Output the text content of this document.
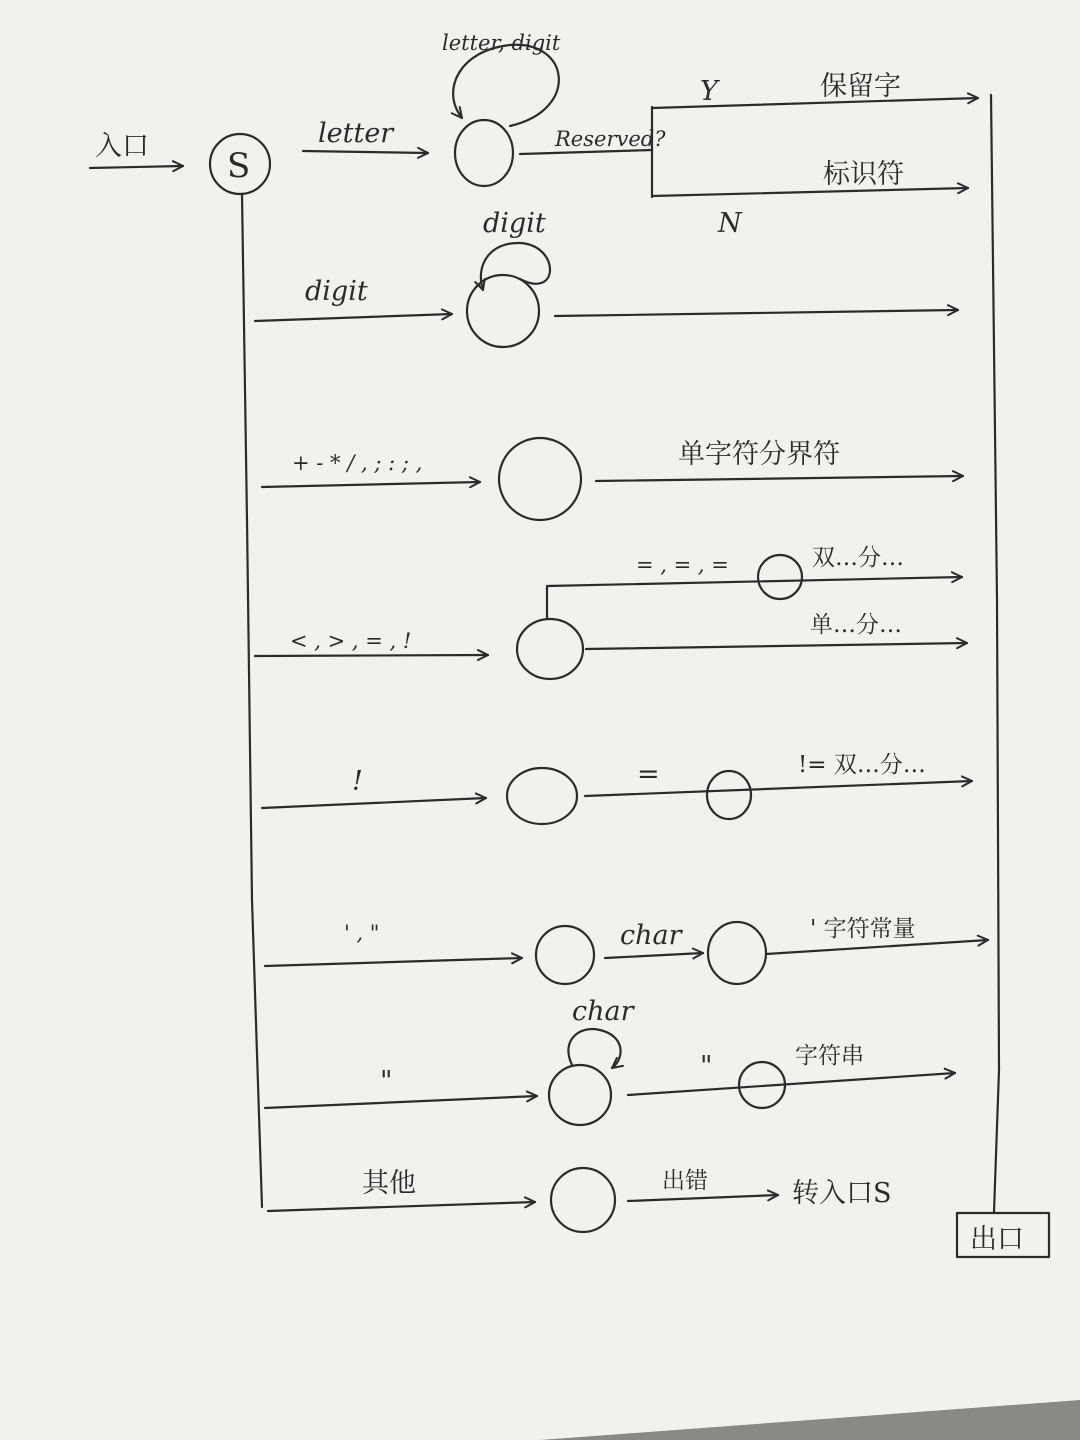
入口 S
出口
letter
letter, digit
Reserved?
Y
N
保留字
标识符
digit
digit
+ - * / , ; : ; ,	单字符分界符
< , > , = , !
= , = , =	双…分…
单…分…
!	=	!= 双…分…
' , "	char	' 字符常量
"
char
"	字符串
其他	出错	转入口S
